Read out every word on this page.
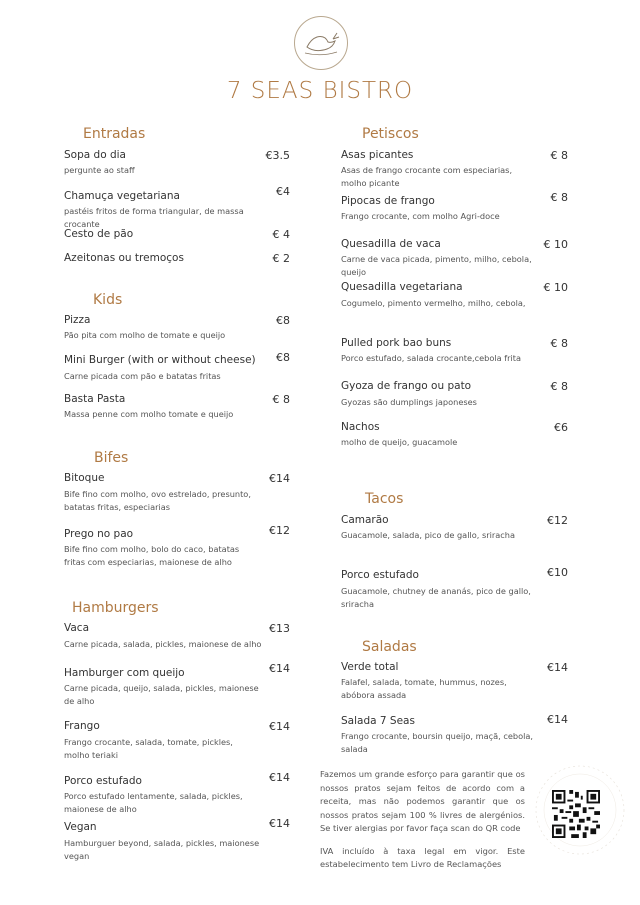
7 SEAS BISTRO
Entradas
Kids
Bifes
Hamburgers
Petiscos
Tacos
Saladas
Sopa do dia
pergunte ao staff
€3.5
Chamuça vegetariana
pastéis fritos de forma triangular, de massa crocante
€4
Cesto de pão	€ 4
Azeitonas ou tremoços	€ 2
Pizza
Pão pita com molho de tomate e queijo
€8
Mini Burger (with or without cheese)
Carne picada com pão e batatas fritas
€8
Basta Pasta
Massa penne com molho tomate e queijo
€ 8
Bitoque
Bife fino com molho, ovo estrelado, presunto, batatas fritas, especiarias
€14
Prego no pao
Bife fino com molho, bolo do caco, batatas fritas com especiarias, maionese de alho
€12
Vaca
Carne picada, salada, pickles, maionese de alho
€13
Hamburger com queijo
Carne picada, queijo, salada, pickles, maionese de alho
€14
Frango
Frango crocante, salada, tomate, pickles, molho teriaki
€14
Porco estufado
Porco estufado lentamente, salada, pickles, maionese de alho
€14
Vegan
Hamburguer beyond, salada, pickles, maionese vegan
€14
Asas picantes
Asas de frango crocante com especiarias, molho picante
€ 8
Pipocas de frango
Frango crocante, com molho Agri-doce
€ 8
Quesadilla de vaca
Carne de vaca picada, pimento, milho, cebola, queijo
€ 10
Quesadilla vegetariana
Cogumelo, pimento vermelho, milho, cebola,
€ 10
Pulled pork bao buns
Porco estufado, salada crocante,cebola frita
€ 8
Gyoza de frango ou pato
Gyozas são dumplings japoneses
€ 8
Nachos
molho de queijo, guacamole
€6
Camarão
Guacamole, salada, pico de gallo, sriracha
€12
Porco estufado
Guacamole, chutney de ananás, pico de gallo, sriracha
€10
Verde total
Falafel, salada, tomate, hummus, nozes, abóbora assada
€14
Salada 7 Seas
Frango crocante, boursin queijo, maçã, cebola, salada
€14
Fazemos um grande esforço para garantir que os nossos pratos sejam feitos de acordo com a receita, mas não podemos garantir que os nossos pratos sejam 100 % livres de alergénios. Se tiver alergias por favor faça scan do QR code
IVA incluído à taxa legal em vigor. Este estabelecimento tem Livro de Reclamações
